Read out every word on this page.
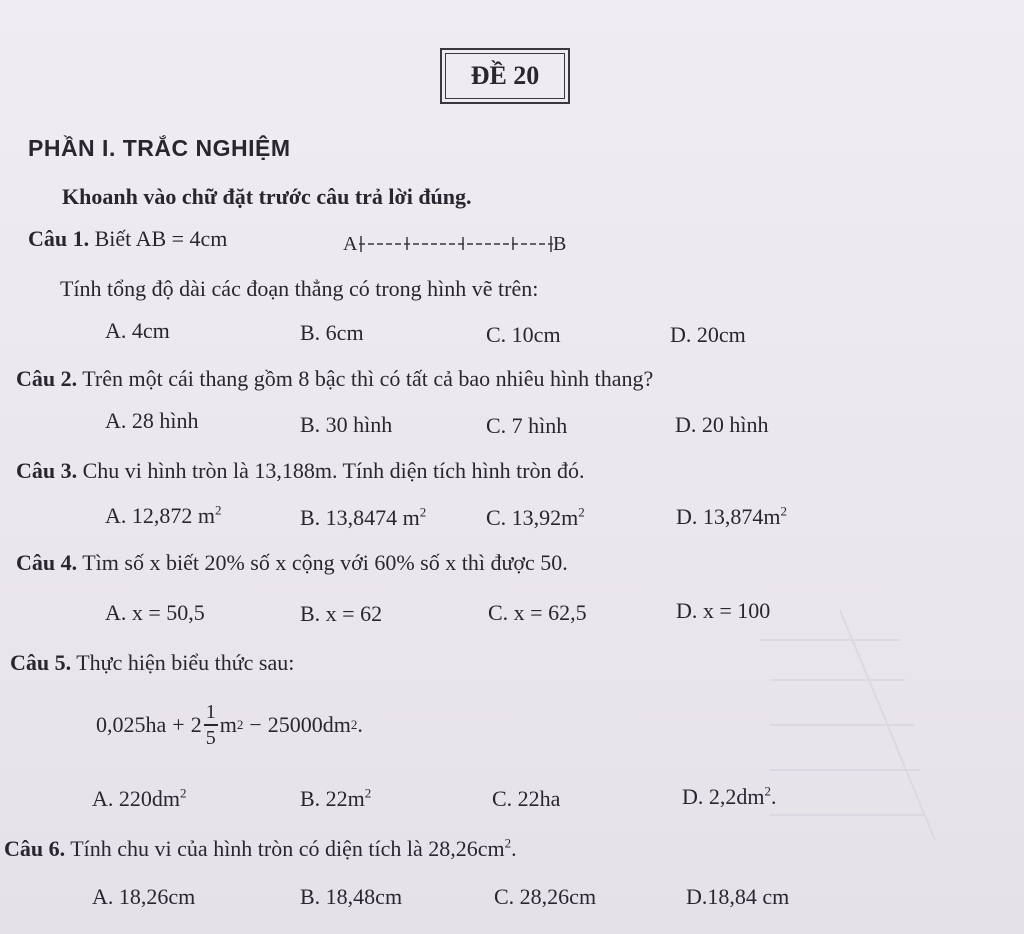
ĐỀ 20
PHẦN I. TRẮC NGHIỆM
Khoanh vào chữ đặt trước câu trả lời đúng.
Câu 1. Biết AB = 4cm	A	B
Tính tổng độ dài các đoạn thẳng có trong hình vẽ trên:
A. 4cm	B. 6cm	C. 10cm	D. 20cm
Câu 2. Trên một cái thang gồm 8 bậc thì có tất cả bao nhiêu hình thang?
A. 28 hình	B. 30 hình	C. 7 hình	D. 20 hình
Câu 3. Chu vi hình tròn là 13,188m. Tính diện tích hình tròn đó.
A. 12,872 $m^2$	B. 13,8474 $m^2$	C. $13,92m^2$	D. $13,874m^2$
Câu 4. Tìm số x biết 20% số x cộng với 60% số x thì được 50.
A. x = 50,5	B. x = 62	C. x = 62,5	D. x = 100
Câu 5. Thực hiện biểu thức sau:
$0,025ha + 2 \frac{1}{5}$ m 2 − 25000dm 2 .
A. $220dm^2$	B. $22m^2$	C. 22ha	D. $2,2dm^2$.
Câu 6. Tính chu vi của hình tròn có diện tích là $28,26cm^2$.
A. 18,26cm	B. 18,48cm	C. 28,26cm	D.18,84 cm
